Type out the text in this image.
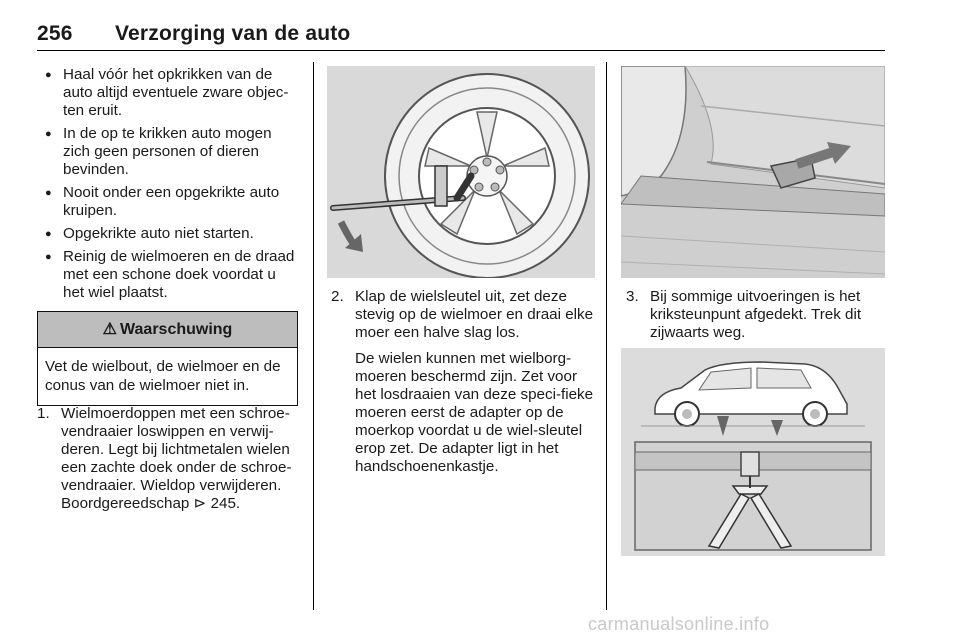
256 Verzorging van de auto
● Haal vóór het opkrikken van de auto altijd eventuele zware objec-ten eruit.
● In de op te krikken auto mogen zich geen personen of dieren bevinden.
● Nooit onder een opgekrikte auto kruipen.
● Opgekrikte auto niet starten.
● Reinig de wielmoeren en de draad met een schone doek voordat u het wiel plaatst.
⚠ Waarschuwing
Vet de wielbout, de wielmoer en de conus van de wielmoer niet in.
1. Wielmoerdoppen met een schroe-vendraaier loswippen en verwij-deren. Legt bij lichtmetalen wielen een zachte doek onder de schroe-vendraaier. Wieldop verwijderen. Boordgereedschap ⊳ 245.

2. Klap de wielsleutel uit, zet deze stevig op de wielmoer en draai elke moer een halve slag los.

De wielen kunnen met wielborg-moeren beschermd zijn. Zet voor het losdraaien van deze speci-fieke moeren eerst de adapter op de moerkop voordat u de wiel-sleutel erop zet. De adapter ligt in het handschoenenkastje.

3. Bij sommige uitvoeringen is het kriksteunpunt afgedekt. Trek dit zijwaarts weg.

carmanualsonline.info
